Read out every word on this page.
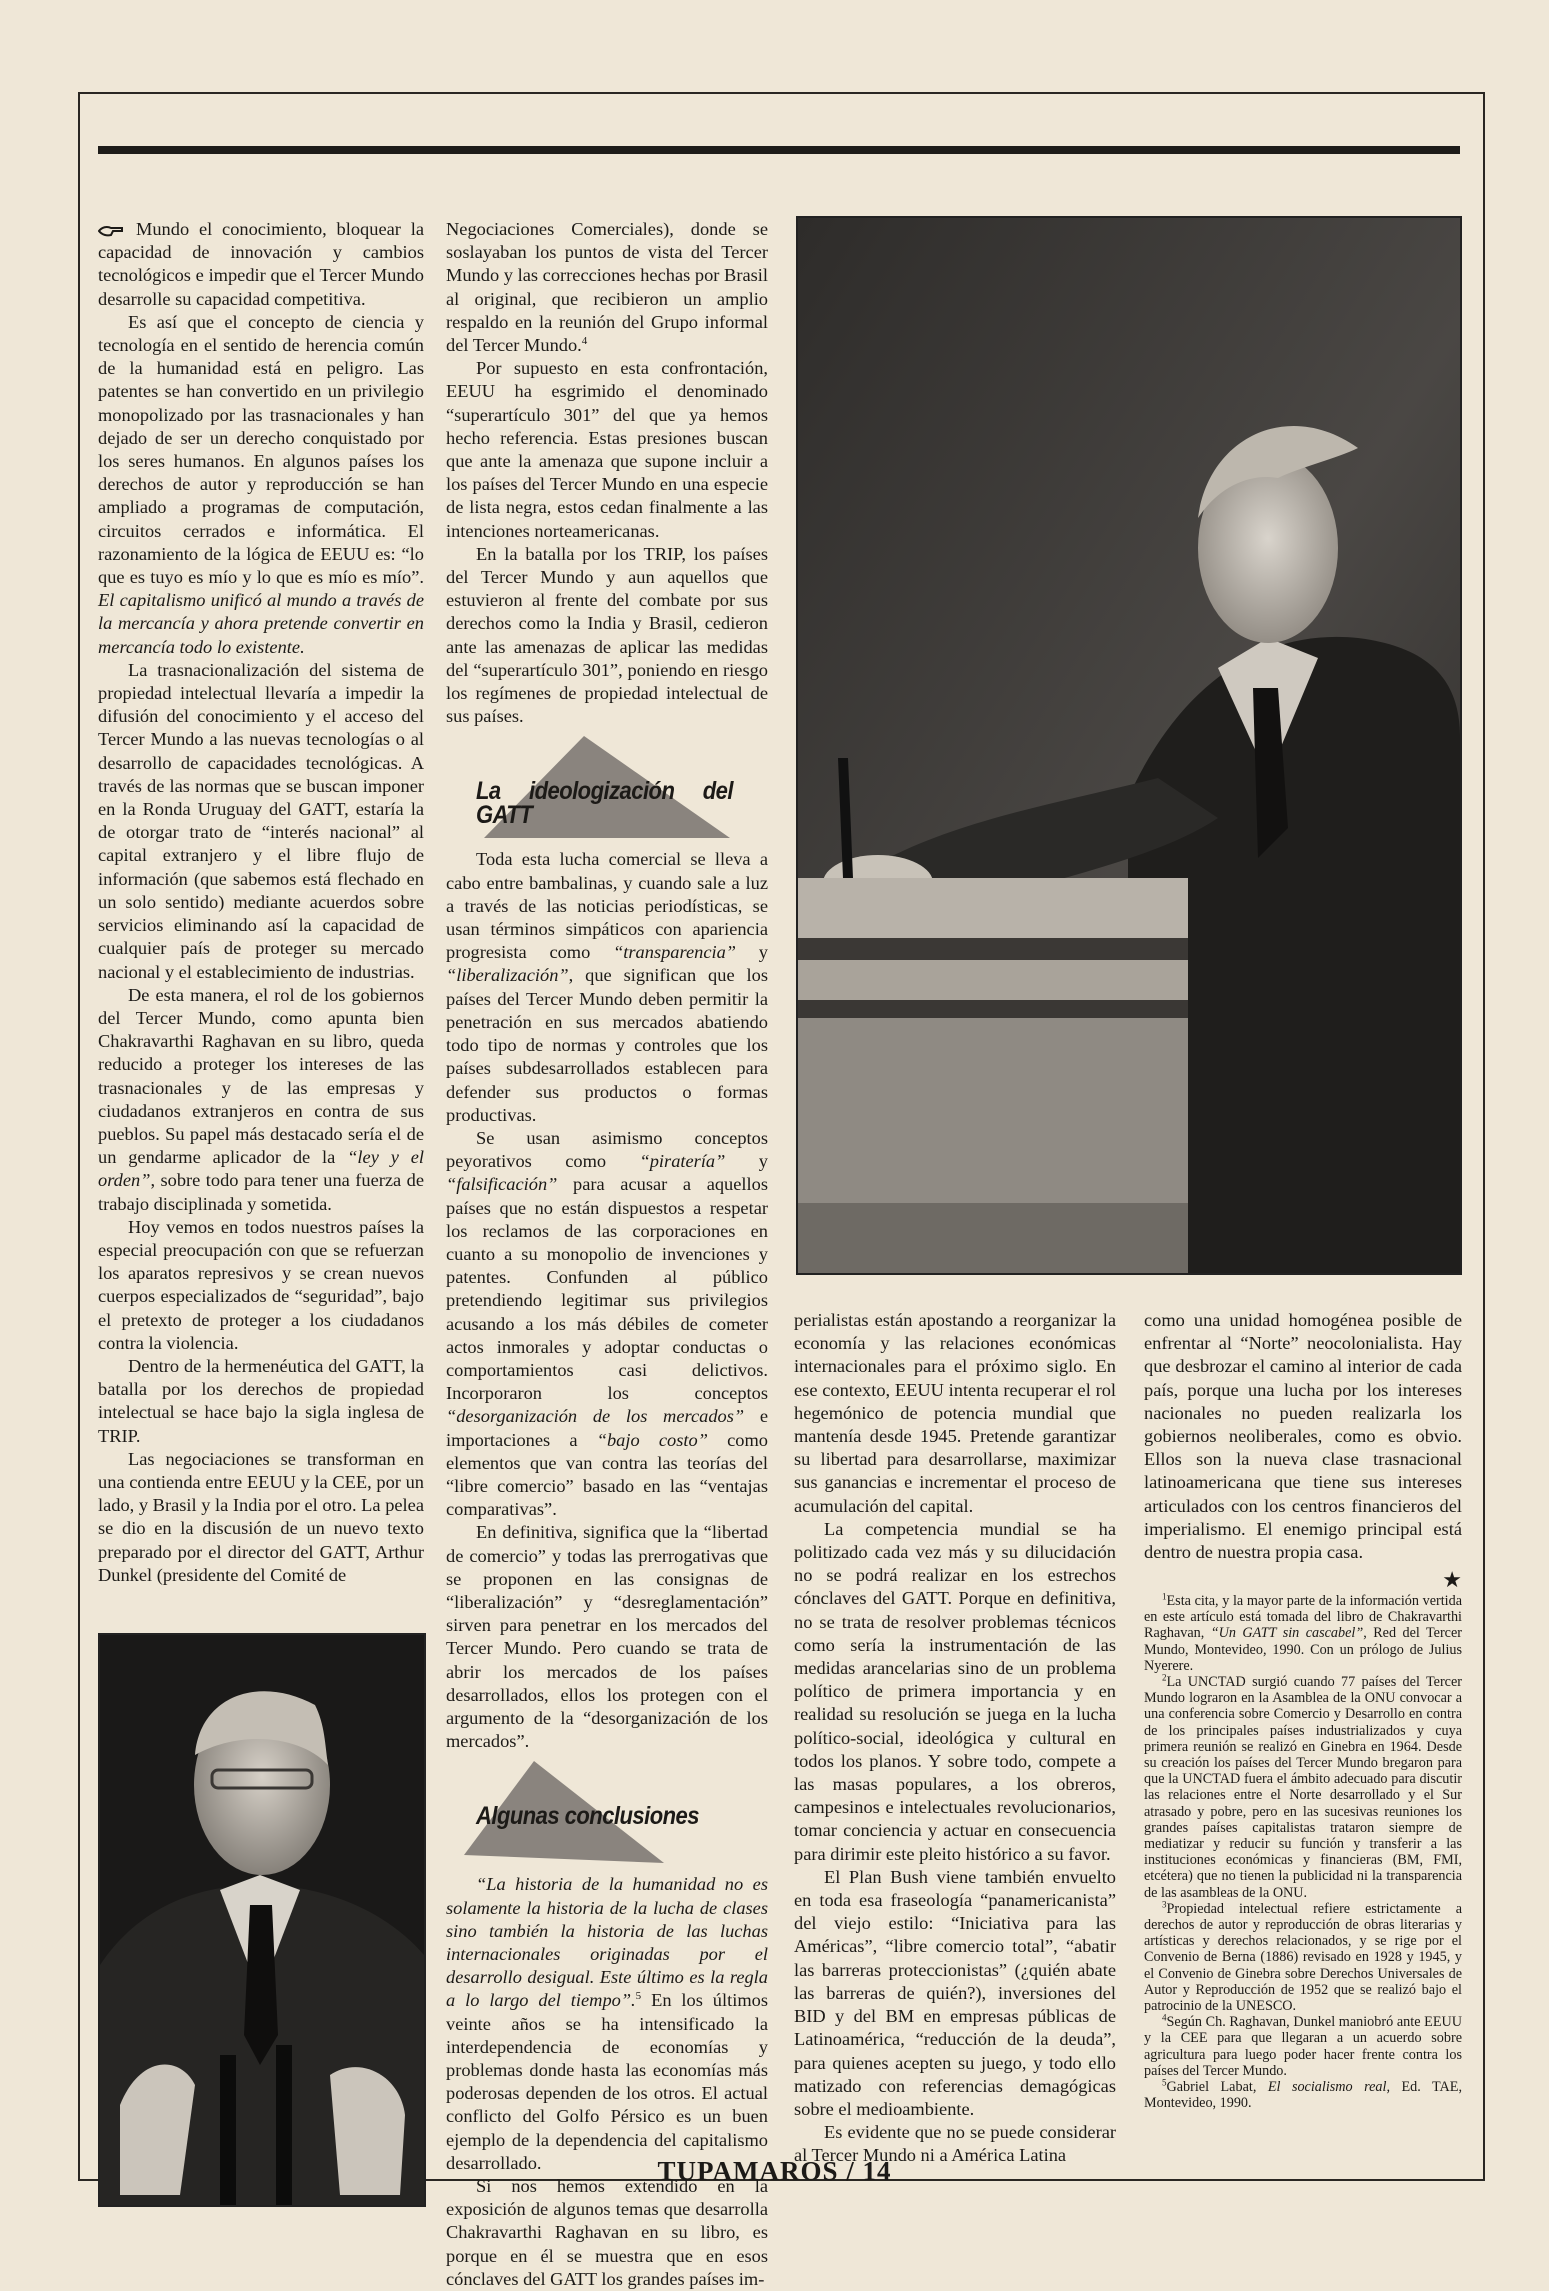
Mundo el conocimiento, bloquear la capacidad de innovación y cambios tecnológicos e impedir que el Tercer Mundo desarrolle su capacidad competitiva.

Es así que el concepto de ciencia y tecnología en el sentido de herencia común de la humanidad está en peligro. Las patentes se han convertido en un privilegio monopolizado por las trasnacionales y han dejado de ser un derecho conquistado por los seres humanos. En algunos países los derechos de autor y reproducción se han ampliado a programas de computación, circuitos cerrados e informática. El razonamiento de la lógica de EEUU es: “lo que es tuyo es mío y lo que es mío es mío”. El capitalismo unificó al mundo a través de la mercancía y ahora pretende convertir en mercancía todo lo existente.

La trasnacionalización del sistema de propiedad intelectual llevaría a impedir la difusión del conocimiento y el acceso del Tercer Mundo a las nuevas tecnologías o al desarrollo de capacidades tecnológicas. A través de las normas que se buscan imponer en la Ronda Uruguay del GATT, estaría la de otorgar trato de “interés nacional” al capital extranjero y el libre flujo de información (que sabemos está flechado en un solo sentido) mediante acuerdos sobre servicios eliminando así la capacidad de cualquier país de proteger su mercado nacional y el establecimiento de industrias.

De esta manera, el rol de los gobiernos del Tercer Mundo, como apunta bien Chakravarthi Raghavan en su libro, queda reducido a proteger los intereses de las trasnacionales y de las empresas y ciudadanos extranjeros en contra de sus pueblos. Su papel más destacado sería el de un gendarme aplicador de la “ley y el orden”, sobre todo para tener una fuerza de trabajo disciplinada y sometida.

Hoy vemos en todos nuestros países la especial preocupación con que se refuerzan los aparatos represivos y se crean nuevos cuerpos especializados de “seguridad”, bajo el pretexto de proteger a los ciudadanos contra la violencia.

Dentro de la hermenéutica del GATT, la batalla por los derechos de propiedad intelectual se hace bajo la sigla inglesa de TRIP.

Las negociaciones se transforman en una contienda entre EEUU y la CEE, por un lado, y Brasil y la India por el otro. La pelea se dio en la discusión de un nuevo texto preparado por el director del GATT, Arthur Dunkel (presidente del Comité de

Negociaciones Comerciales), donde se soslayaban los puntos de vista del Tercer Mundo y las correcciones hechas por Brasil al original, que recibieron un amplio respaldo en la reunión del Grupo informal del Tercer Mundo.$^4$

Por supuesto en esta confrontación, EEUU ha esgrimido el denominado “superartículo 301” del que ya hemos hecho referencia. Estas presiones buscan que ante la amenaza que supone incluir a los países del Tercer Mundo en una especie de lista negra, estos cedan finalmente a las intenciones norteamericanas.

En la batalla por los TRIP, los países del Tercer Mundo y aun aquellos que estuvieron al frente del combate por sus derechos como la India y Brasil, cedieron ante las amenazas de aplicar las medidas del “superartículo 301”, poniendo en riesgo los regímenes de propiedad intelectual de sus países.

La ideologización del GATT

Toda esta lucha comercial se lleva a cabo entre bambalinas, y cuando sale a luz a través de las noticias periodísticas, se usan términos simpáticos con apariencia progresista como “transparencia” y “liberalización”, que significan que los países del Tercer Mundo deben permitir la penetración en sus mercados abatiendo todo tipo de normas y controles que los países subdesarrollados establecen para defender sus productos o formas productivas.

Se usan asimismo conceptos peyorativos como “piratería” y “falsificación” para acusar a aquellos países que no están dispuestos a respetar los reclamos de las corporaciones en cuanto a su monopolio de invenciones y patentes. Confunden al público pretendiendo legitimar sus privilegios acusando a los más débiles de cometer actos inmorales y adoptar conductas o comportamientos casi delictivos. Incorporaron los conceptos “desorganización de los mercados” e importaciones a “bajo costo” como elementos que van contra las teorías del “libre comercio” basado en las “ventajas comparativas”.

En definitiva, significa que la “libertad de comercio” y todas las prerrogativas que se proponen en las consignas de “liberalización” y “desreglamentación” sirven para penetrar en los mercados del Tercer Mundo. Pero cuando se trata de abrir los mercados de los países desarrollados, ellos los protegen con el argumento de la “desorganización de los mercados”.

Algunas conclusiones

“La historia de la humanidad no es solamente la historia de la lucha de clases sino también la historia de las luchas internacionales originadas por el desarrollo desigual. Este último es la regla a lo largo del tiempo”.$^5$ En los últimos veinte años se ha intensificado la interdependencia de economías y problemas donde hasta las economías más poderosas dependen de los otros. El actual conflicto del Golfo Pérsico es un buen ejemplo de la dependencia del capitalismo desarrollado.

Si nos hemos extendido en la exposición de algunos temas que desarrolla Chakravarthi Raghavan en su libro, es porque en él se muestra que en esos cónclaves del GATT los grandes países im-

perialistas están apostando a reorganizar la economía y las relaciones económicas internacionales para el próximo siglo. En ese contexto, EEUU intenta recuperar el rol hegemónico de potencia mundial que mantenía desde 1945. Pretende garantizar su libertad para desarrollarse, maximizar sus ganancias e incrementar el proceso de acumulación del capital.

La competencia mundial se ha politizado cada vez más y su dilucidación no se podrá realizar en los estrechos cónclaves del GATT. Porque en definitiva, no se trata de resolver problemas técnicos como sería la instrumentación de las medidas arancelarias sino de un problema político de primera importancia y en realidad su resolución se juega en la lucha político-social, ideológica y cultural en todos los planos. Y sobre todo, compete a las masas populares, a los obreros, campesinos e intelectuales revolucionarios, tomar conciencia y actuar en consecuencia para dirimir este pleito histórico a su favor.

El Plan Bush viene también envuelto en toda esa fraseología “panamericanista” del viejo estilo: “Iniciativa para las Américas”, “libre comercio total”, “abatir las barreras proteccionistas” (¿quién abate las barreras de quién?), inversiones del BID y del BM en empresas públicas de Latinoamérica, “reducción de la deuda”, para quienes acepten su juego, y todo ello matizado con referencias demagógicas sobre el medioambiente.

Es evidente que no se puede considerar al Tercer Mundo ni a América Latina

como una unidad homogénea posible de enfrentar al “Norte” neocolonialista. Hay que desbrozar el camino al interior de cada país, porque una lucha por los intereses nacionales no pueden realizarla los gobiernos neoliberales, como es obvio. Ellos son la nueva clase trasnacional latinoamericana que tiene sus intereses articulados con los centros financieros del imperialismo. El enemigo principal está dentro de nuestra propia casa.

★

$^1$Esta cita, y la mayor parte de la información vertida en este artículo está tomada del libro de Chakravarthi Raghavan, “Un GATT sin cascabel”, Red del Tercer Mundo, Montevideo, 1990. Con un prólogo de Julius Nyerere.

$^2$La UNCTAD surgió cuando 77 países del Tercer Mundo lograron en la Asamblea de la ONU convocar a una conferencia sobre Comercio y Desarrollo en contra de los principales países industrializados y cuya primera reunión se realizó en Ginebra en 1964. Desde su creación los países del Tercer Mundo bregaron para que la UNCTAD fuera el ámbito adecuado para discutir las relaciones entre el Norte desarrollado y el Sur atrasado y pobre, pero en las sucesivas reuniones los grandes países capitalistas trataron siempre de mediatizar y reducir su función y transferir a las instituciones económicas y financieras (BM, FMI, etcétera) que no tienen la publicidad ni la transparencia de las asambleas de la ONU.

$^3$Propiedad intelectual refiere estrictamente a derechos de autor y reproducción de obras literarias y artísticas y derechos relacionados, y se rige por el Convenio de Berna (1886) revisado en 1928 y 1945, y el Convenio de Ginebra sobre Derechos Universales de Autor y Reproducción de 1952 que se realizó bajo el patrocinio de la UNESCO.

$^4$Según Ch. Raghavan, Dunkel maniobró ante EEUU y la CEE para que llegaran a un acuerdo sobre agricultura para luego poder hacer frente contra los países del Tercer Mundo.

$^5$Gabriel Labat, El socialismo real, Ed. TAE, Montevideo, 1990.

TUPAMAROS / 14
